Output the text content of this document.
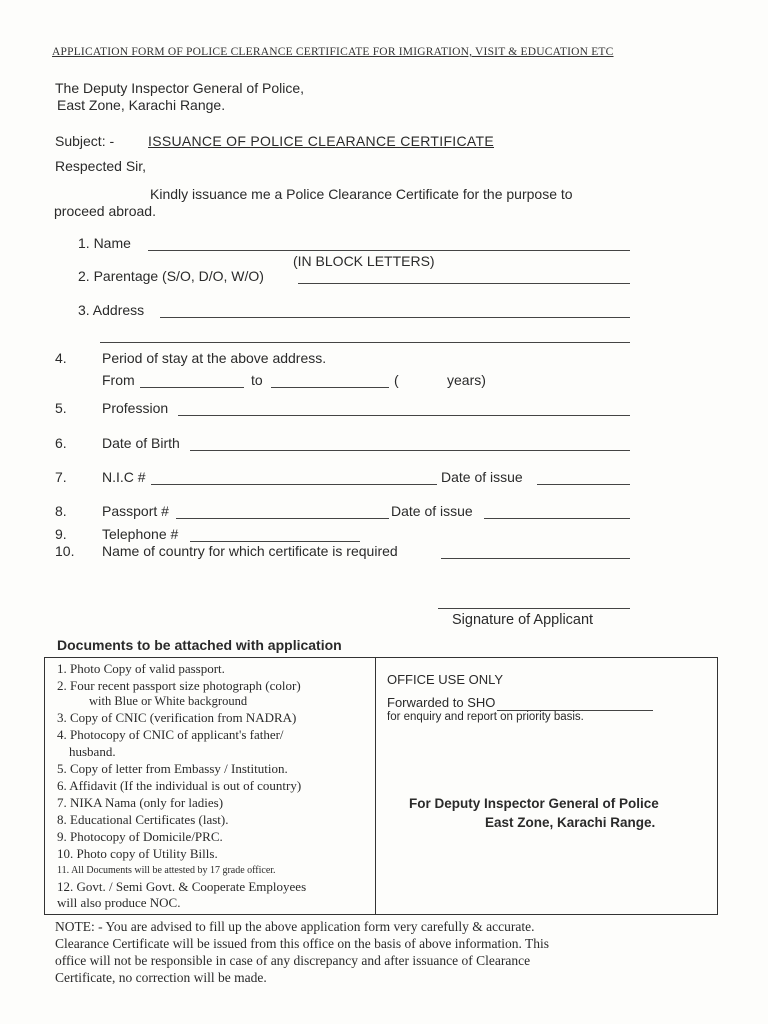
APPLICATION FORM OF POLICE CLERANCE CERTIFICATE FOR IMIGRATION, VISIT & EDUCATION ETC
The Deputy Inspector General of Police,
East Zone, Karachi Range.
Subject: - ISSUANCE OF POLICE CLEARANCE CERTIFICATE
Respected Sir,
Kindly issuance me a Police Clearance Certificate for the purpose to
proceed abroad.
1. Name
(IN BLOCK LETTERS)
2. Parentage (S/O, D/O, W/O)
3. Address
4.	Period of stay at the above address.
From	to	(	years)
5.	Profession
6.	Date of Birth
7.	N.I.C #	Date of issue
8.	Passport #	Date of issue
9.	Telephone #
10. Name of country for which certificate is required
Signature of Applicant
Documents to be attached with application
1. Photo Copy of valid passport.
2. Four recent passport size photograph (color)
with Blue or White background
3. Copy of CNIC (verification from NADRA)
4. Photocopy of CNIC of applicant's father/
husband.
5. Copy of letter from Embassy / Institution.
6. Affidavit (If the individual is out of country)
7. NIKA Nama (only for ladies)
8. Educational Certificates (last).
9. Photocopy of Domicile/PRC.
10. Photo copy of Utility Bills.
11. All Documents will be attested by 17 grade officer.
12. Govt. / Semi Govt. & Cooperate Employees
will also produce NOC.
OFFICE USE ONLY
Forwarded to SHO
for enquiry and report on priority basis.
For Deputy Inspector General of Police
East Zone, Karachi Range.
NOTE: - You are advised to fill up the above application form very carefully & accurate.
Clearance Certificate will be issued from this office on the basis of above information. This
office will not be responsible in case of any discrepancy and after issuance of Clearance
Certificate, no correction will be made.
